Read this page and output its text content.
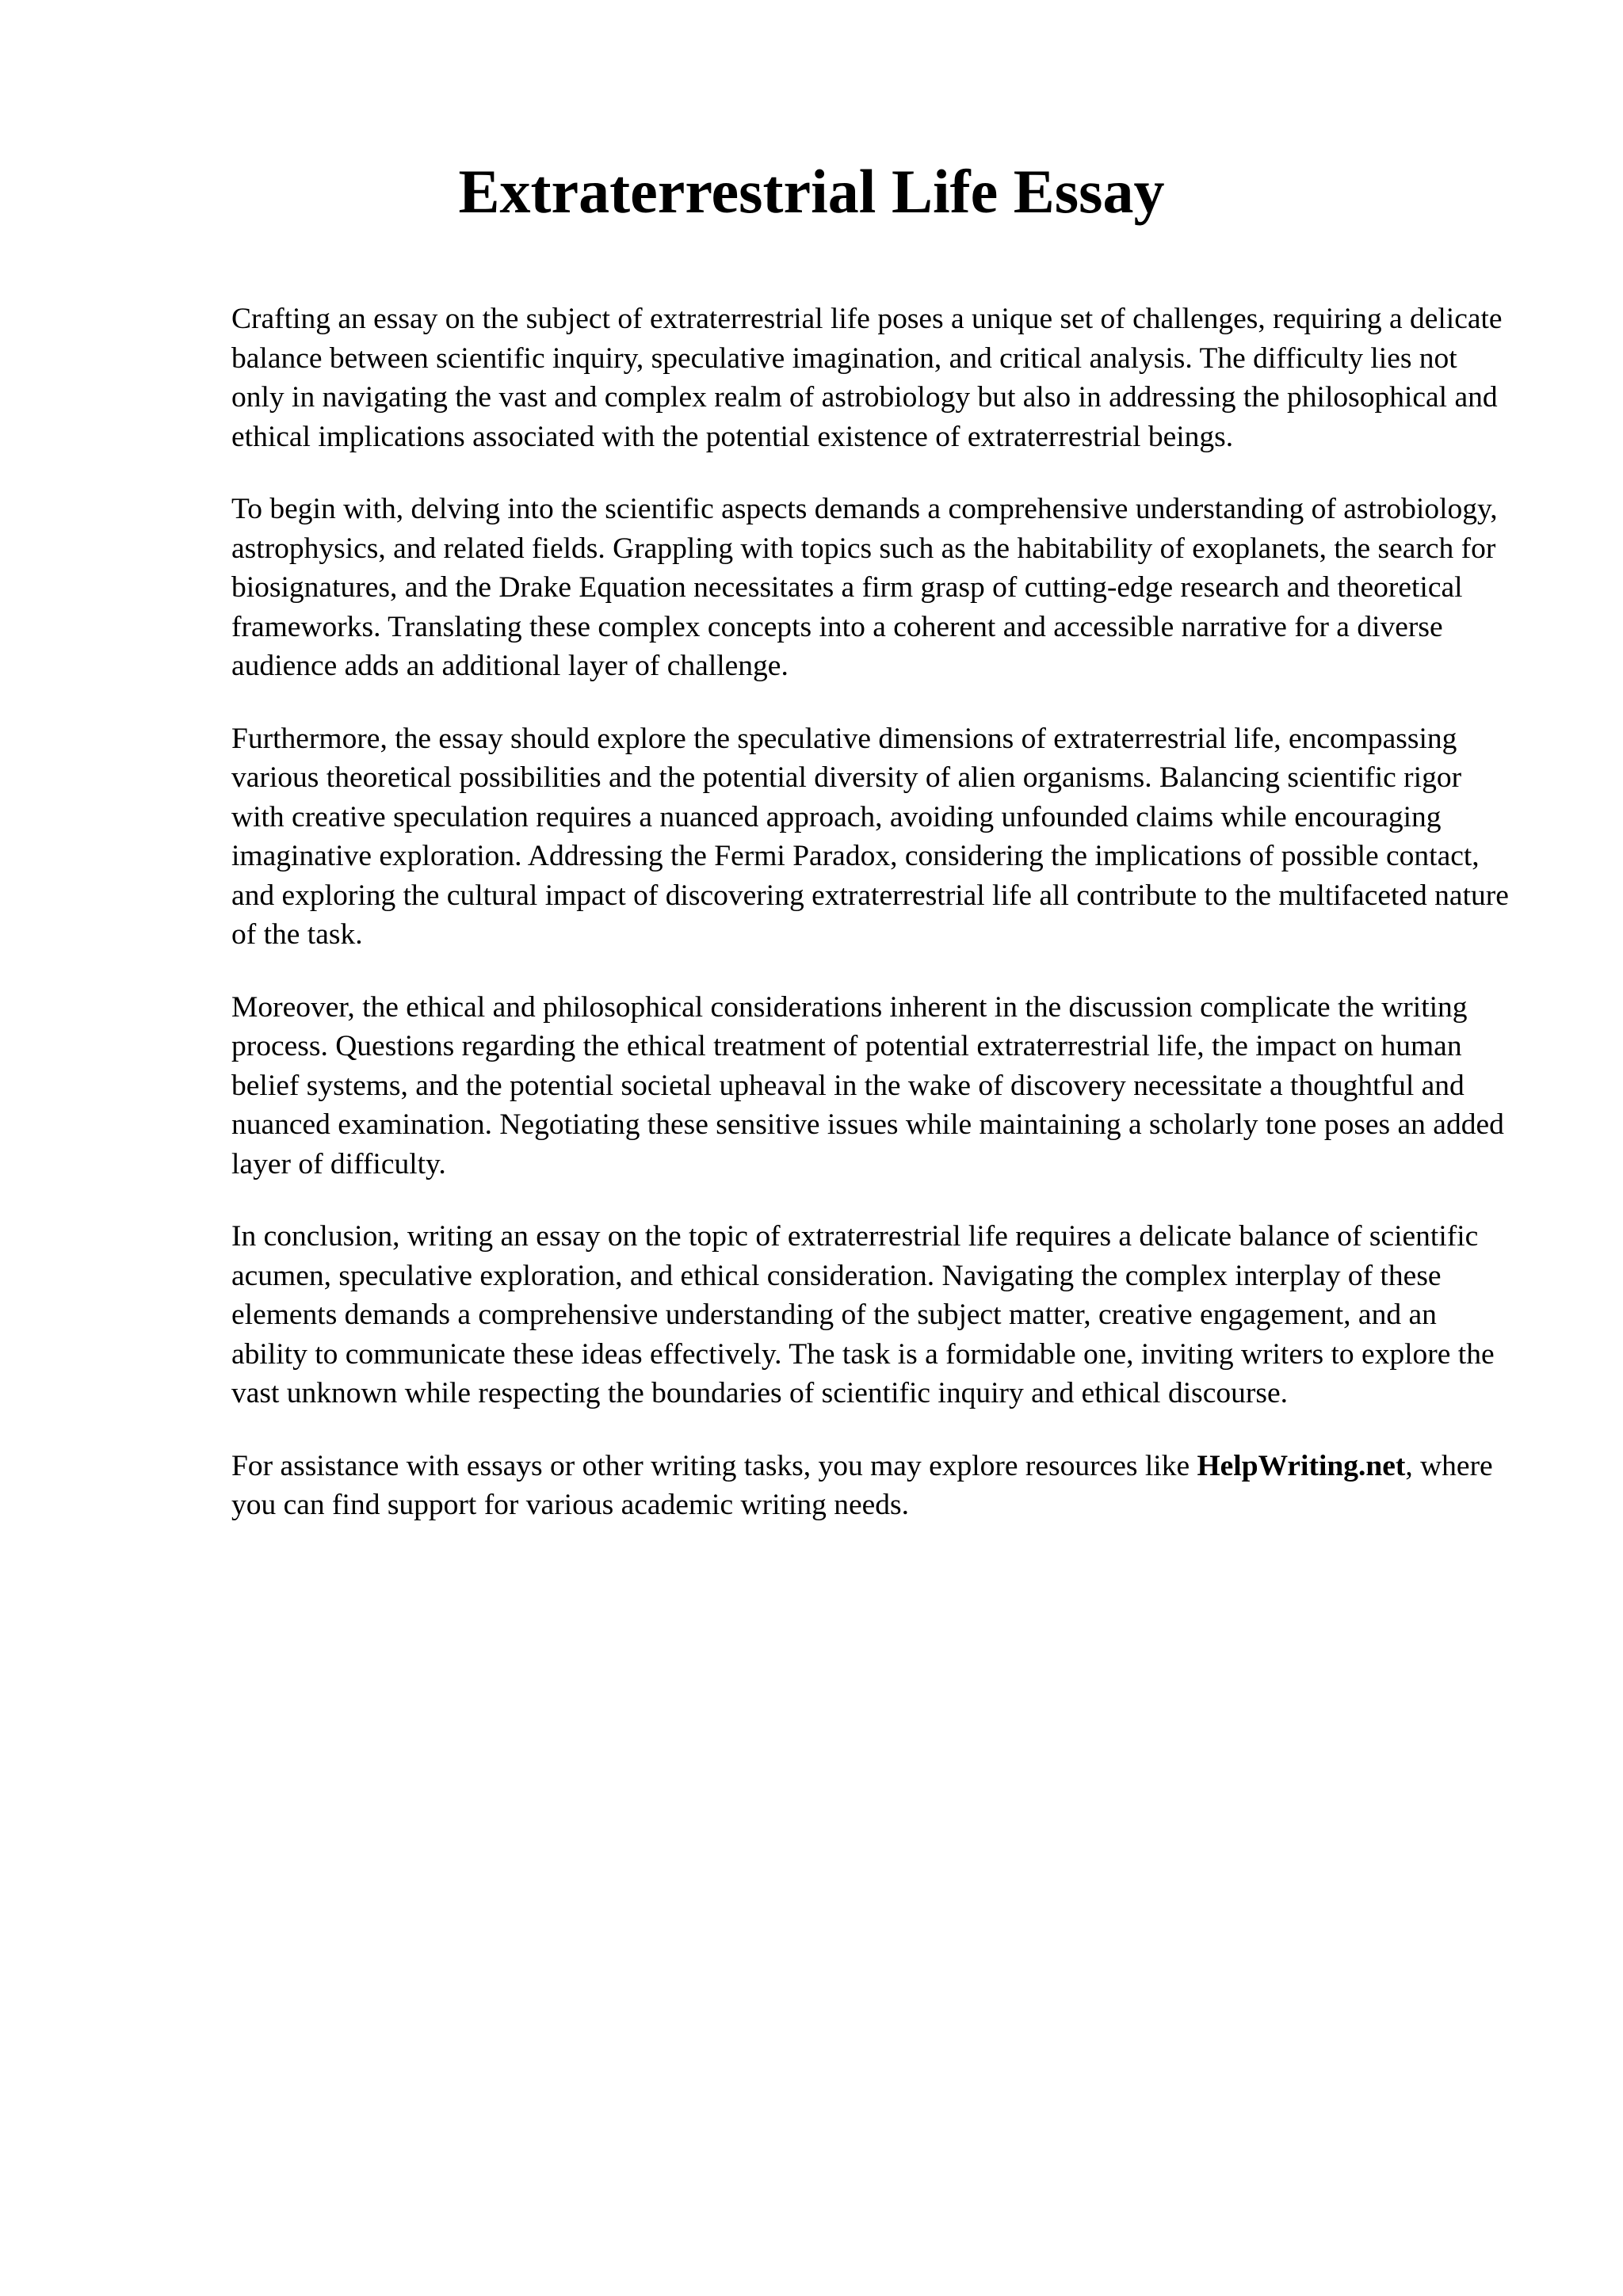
Extraterrestrial Life Essay

Crafting an essay on the subject of extraterrestrial life poses a unique set of challenges, requiring a delicate balance between scientific inquiry, speculative imagination, and critical analysis. The difficulty lies not only in navigating the vast and complex realm of astrobiology but also in addressing the philosophical and ethical implications associated with the potential existence of extraterrestrial beings.

To begin with, delving into the scientific aspects demands a comprehensive understanding of astrobiology, astrophysics, and related fields. Grappling with topics such as the habitability of exoplanets, the search for biosignatures, and the Drake Equation necessitates a firm grasp of cutting-edge research and theoretical frameworks. Translating these complex concepts into a coherent and accessible narrative for a diverse audience adds an additional layer of challenge.

Furthermore, the essay should explore the speculative dimensions of extraterrestrial life, encompassing various theoretical possibilities and the potential diversity of alien organisms. Balancing scientific rigor with creative speculation requires a nuanced approach, avoiding unfounded claims while encouraging imaginative exploration. Addressing the Fermi Paradox, considering the implications of possible contact, and exploring the cultural impact of discovering extraterrestrial life all contribute to the multifaceted nature of the task.

Moreover, the ethical and philosophical considerations inherent in the discussion complicate the writing process. Questions regarding the ethical treatment of potential extraterrestrial life, the impact on human belief systems, and the potential societal upheaval in the wake of discovery necessitate a thoughtful and nuanced examination. Negotiating these sensitive issues while maintaining a scholarly tone poses an added layer of difficulty.

In conclusion, writing an essay on the topic of extraterrestrial life requires a delicate balance of scientific acumen, speculative exploration, and ethical consideration. Navigating the complex interplay of these elements demands a comprehensive understanding of the subject matter, creative engagement, and an ability to communicate these ideas effectively. The task is a formidable one, inviting writers to explore the vast unknown while respecting the boundaries of scientific inquiry and ethical discourse.

For assistance with essays or other writing tasks, you may explore resources like HelpWriting.net, where you can find support for various academic writing needs.
